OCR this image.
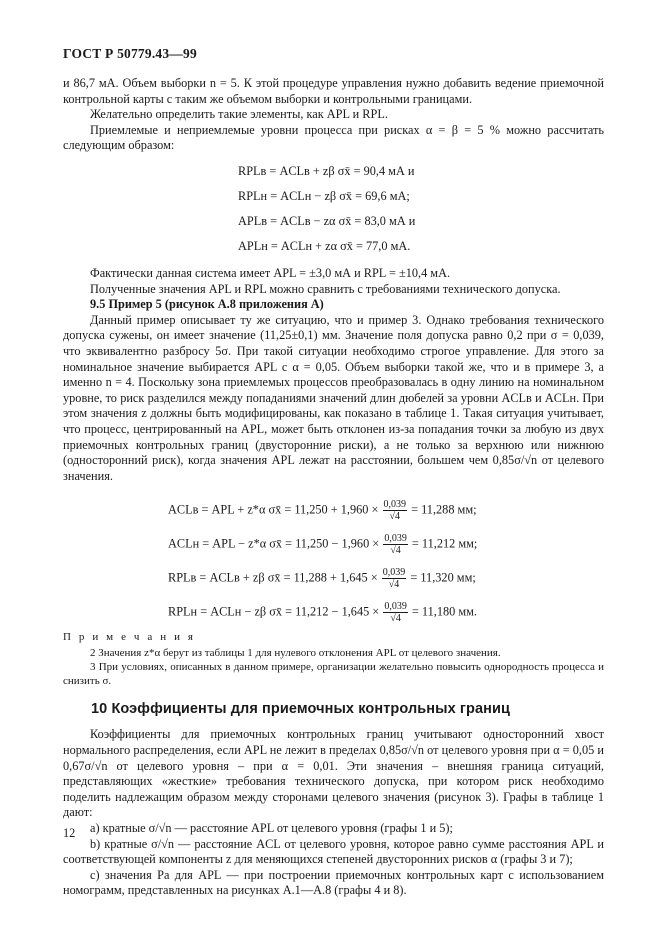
ГОСТ Р 50779.43—99

и 86,7 мА. Объем выборки n = 5. К этой процедуре управления нужно добавить ведение приемочной контрольной карты с таким же объемом выборки и контрольными границами.

Желательно определить такие элементы, как APL и RPL.

Приемлемые и неприемлемые уровни процесса при рисках α = β = 5 % можно рассчитать следующим образом:

RPLв = ACLв + zβ σx̄ = 90,4 мА и
RPLн = ACLн − zβ σx̄ = 69,6 мА;
APLв = ACLв − zα σx̄ = 83,0 мА и
APLн = ACLн + zα σx̄ = 77,0 мА.

Фактически данная система имеет APL = ±3,0 мА и RPL = ±10,4 мА.

Полученные значения APL и RPL можно сравнить с требованиями технического допуска.

9.5 Пример 5 (рисунок А.8 приложения А)

Данный пример описывает ту же ситуацию, что и пример 3. Однако требования технического допуска сужены, он имеет значение (11,25±0,1) мм. Значение поля допуска равно 0,2 при σ = 0,039, что эквивалентно разбросу 5σ. При такой ситуации необходимо строгое управление. Для этого за номинальное значение выбирается APL с α = 0,05. Объем выборки такой же, что и в примере 3, а именно n = 4. Поскольку зона приемлемых процессов преобразовалась в одну линию на номинальном уровне, то риск разделился между попаданиями значений длин дюбелей за уровни ACLв и ACLн. При этом значения z должны быть модифицированы, как показано в таблице 1. Такая ситуация учитывает, что процесс, центрированный на APL, может быть отклонен из-за попадания точки за любую из двух приемочных контрольных границ (двусторонние риски), а не только за верхнюю или нижнюю (односторонний риск), когда значения APL лежат на расстоянии, большем чем 0,85σ/√n от целевого значения.

ACLв = APL + z*α σx̄ = $11,250 + 1,960 \times \frac{0,039}{√4} = 11,288$ мм;
ACLн = APL − z*α σx̄ = $11,250 - 1,960 \times \frac{0,039}{√4} = 11,212$ мм;
RPLв = ACLв + zβ σx̄ = $11,288 + 1,645 \times \frac{0,039}{√4} = 11,320$ мм;
RPLн = ACLн − zβ σx̄ = $11,212 - 1,645 \times \frac{0,039}{√4} = 11,180$ мм.

П р и м е ч а н и я

2 Значения z*α берут из таблицы 1 для нулевого отклонения APL от целевого значения.

3 При условиях, описанных в данном примере, организации желательно повысить однородность процесса и снизить σ.

10 Коэффициенты для приемочных контрольных границ

Коэффициенты для приемочных контрольных границ учитывают односторонний хвост нормального распределения, если APL не лежит в пределах 0,85σ/√n от целевого уровня при α = 0,05 и 0,67σ/√n от целевого уровня – при α = 0,01. Эти значения – внешняя граница ситуаций, представляющих «жесткие» требования технического допуска, при котором риск необходимо поделить надлежащим образом между сторонами целевого значения (рисунок 3). Графы в таблице 1 дают:

а) кратные σ/√n — расстояние APL от целевого уровня (графы 1 и 5);

b) кратные σ/√n — расстояние ACL от целевого уровня, которое равно сумме расстояния APL и соответствующей компоненты z для меняющихся степеней двусторонних рисков α (графы 3 и 7);

с) значения Pa для APL — при построении приемочных контрольных карт с использованием номограмм, представленных на рисунках А.1—А.8 (графы 4 и 8).

12
